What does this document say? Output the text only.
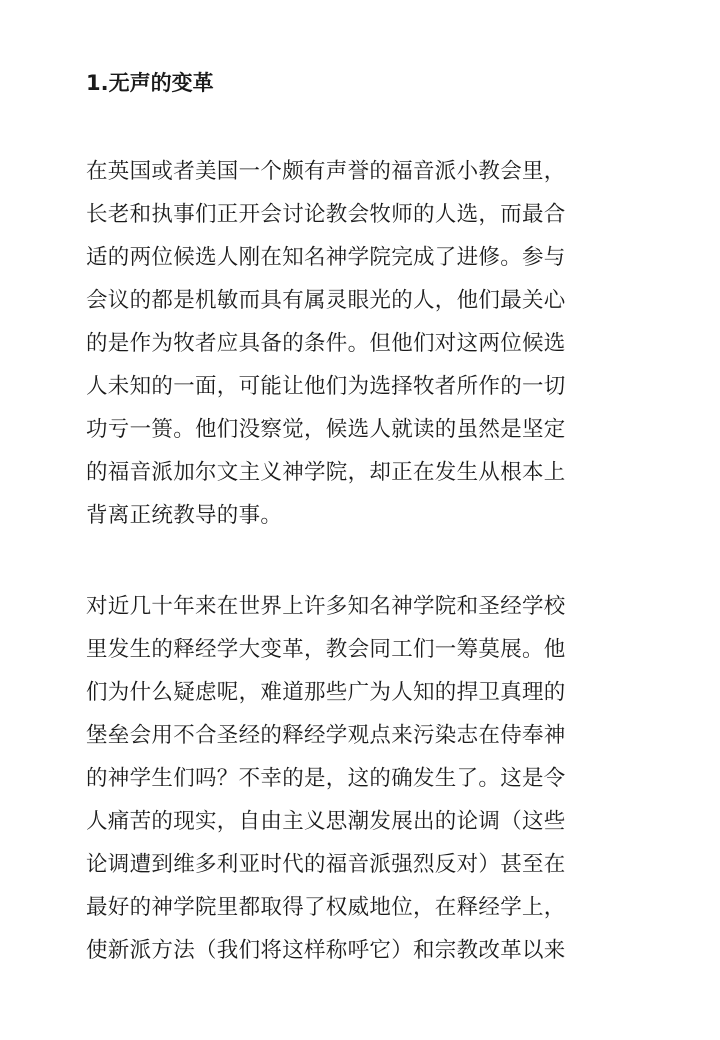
1.无声的变革
在英国或者美国一个颇有声誉的福音派小教会里，
长老和执事们正开会讨论教会牧师的人选，而最合
适的两位候选人刚在知名神学院完成了进修。参与
会议的都是机敏而具有属灵眼光的人，他们最关心
的是作为牧者应具备的条件。但他们对这两位候选
人未知的一面，可能让他们为选择牧者所作的一切
功亏一篑。他们没察觉，候选人就读的虽然是坚定
的福音派加尔文主义神学院，却正在发生从根本上
背离正统教导的事。
对近几十年来在世界上许多知名神学院和圣经学校
里发生的释经学大变革，教会同工们一筹莫展。他
们为什么疑虑呢，难道那些广为人知的捍卫真理的
堡垒会用不合圣经的释经学观点来污染志在侍奉神
的神学生们吗？不幸的是，这的确发生了。这是令
人痛苦的现实，自由主义思潮发展出的论调（这些
论调遭到维多利亚时代的福音派强烈反对）甚至在
最好的神学院里都取得了权威地位，在释经学上，
使新派方法（我们将这样称呼它）和宗教改革以来
